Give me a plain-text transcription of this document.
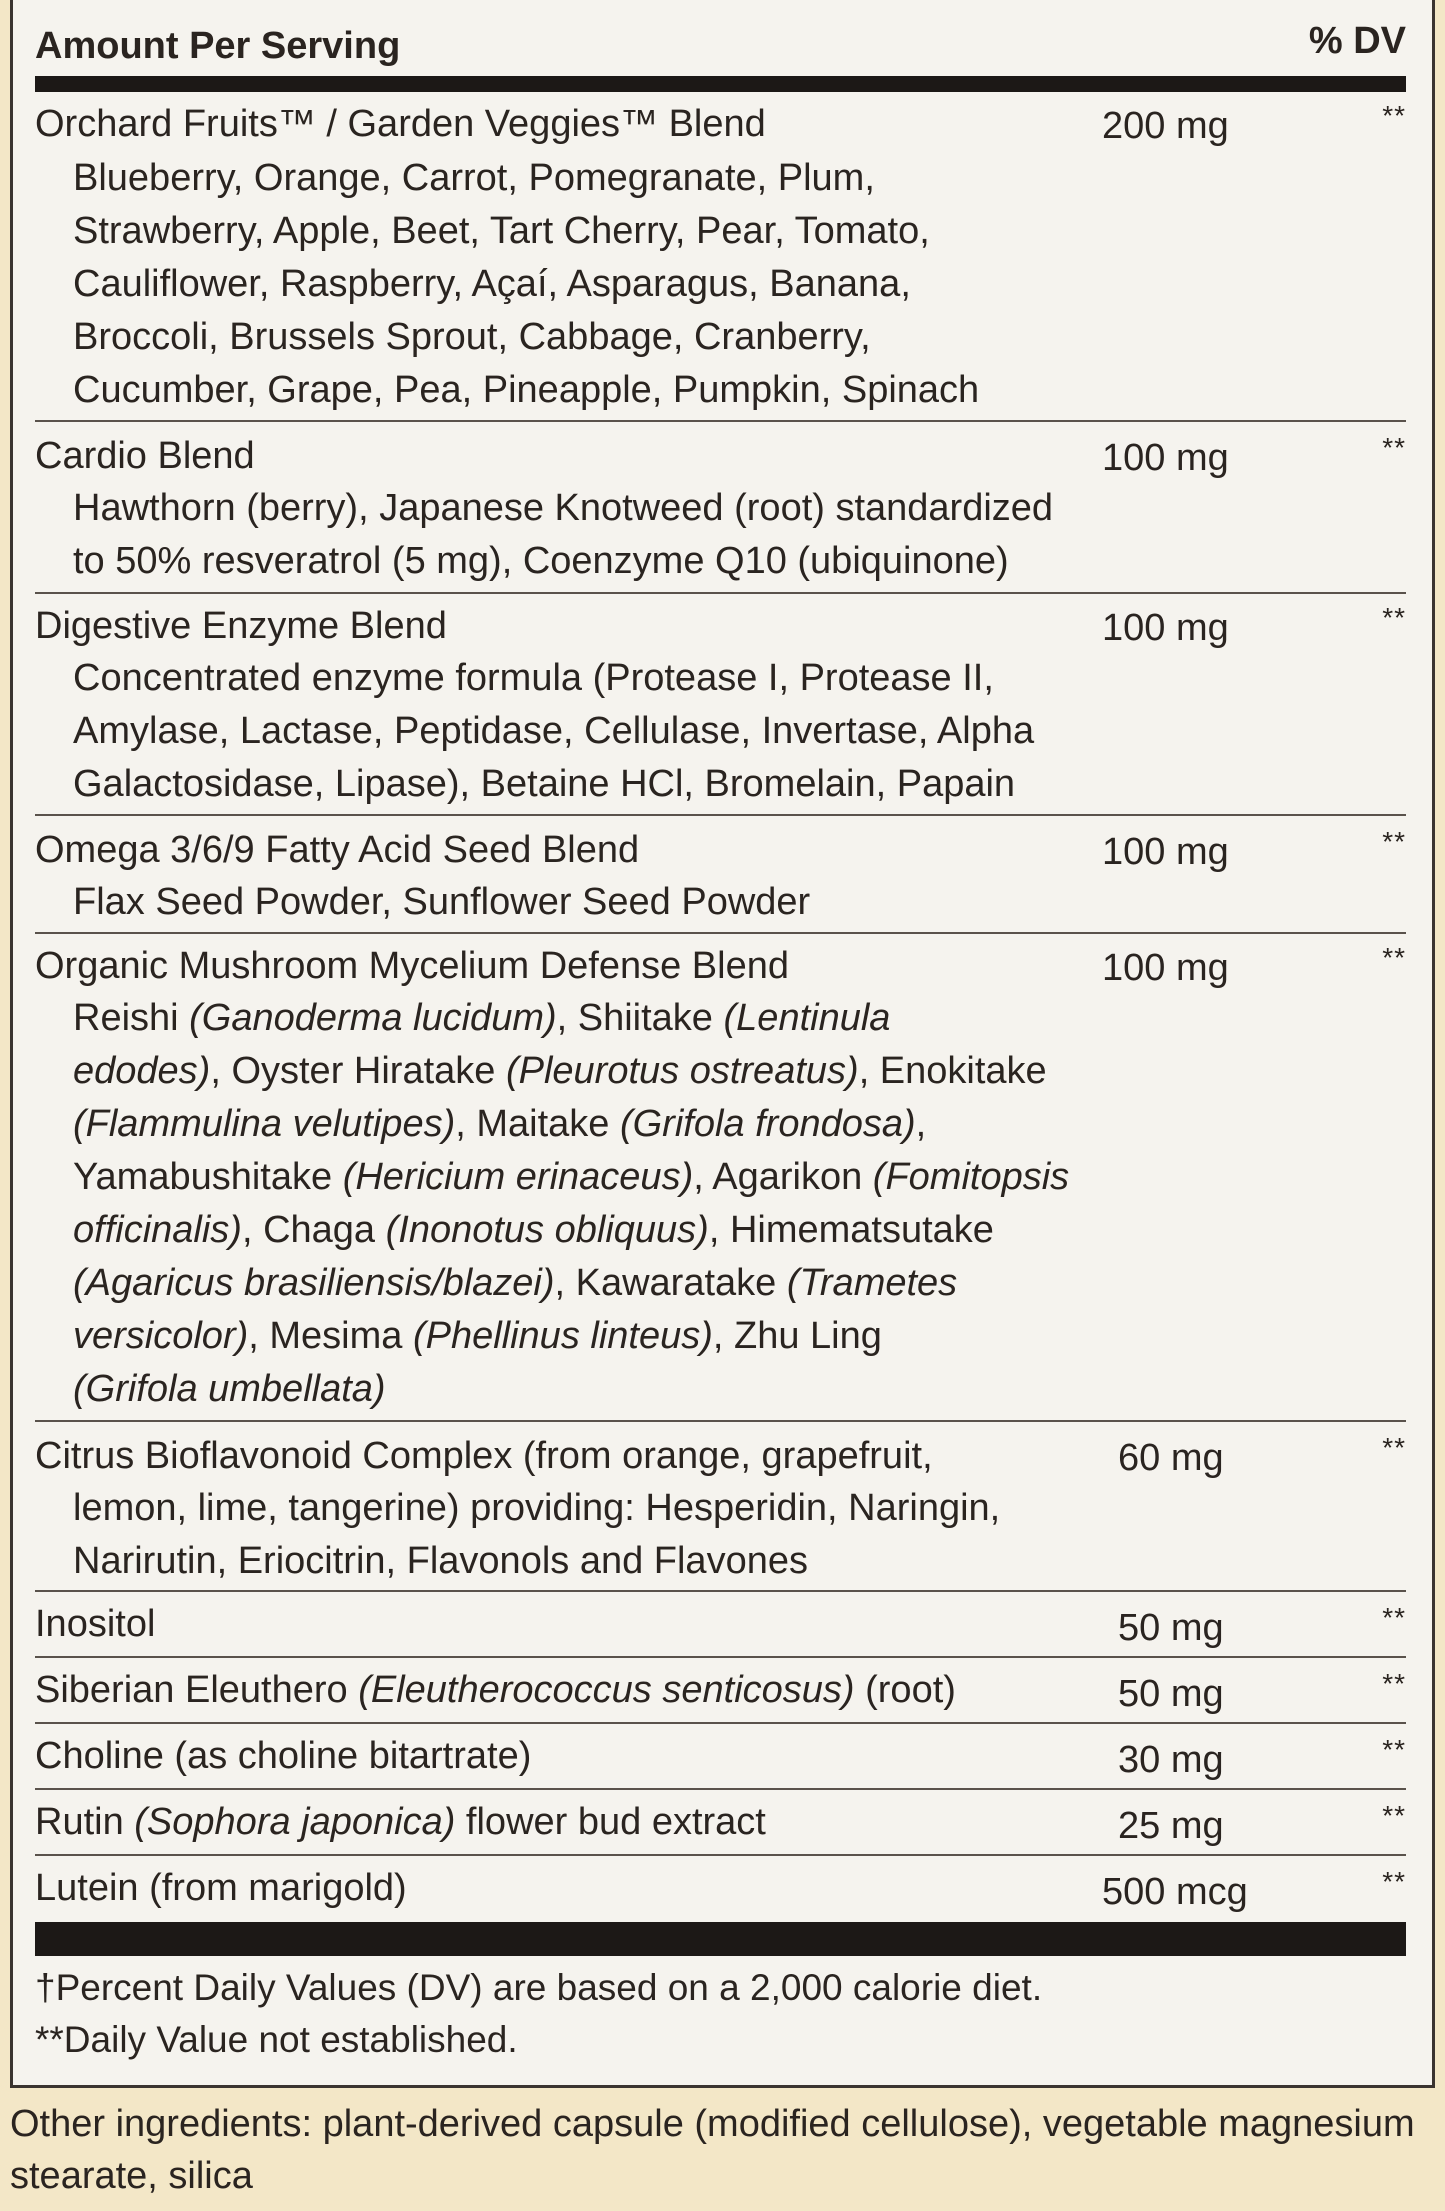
Amount Per Serving	% DV
Orchard Fruits™ / Garden Veggies™ Blend	200 mg	**
Blueberry, Orange, Carrot, Pomegranate, Plum,
Strawberry, Apple, Beet, Tart Cherry, Pear, Tomato,
Cauliflower, Raspberry, Açaí, Asparagus, Banana,
Broccoli, Brussels Sprout, Cabbage, Cranberry,
Cucumber, Grape, Pea, Pineapple, Pumpkin, Spinach
Cardio Blend	100 mg	**
Hawthorn (berry), Japanese Knotweed (root) standardized
to 50% resveratrol (5 mg), Coenzyme Q10 (ubiquinone)
Digestive Enzyme Blend	100 mg	**
Concentrated enzyme formula (Protease I, Protease II,
Amylase, Lactase, Peptidase, Cellulase, Invertase, Alpha
Galactosidase, Lipase), Betaine HCl, Bromelain, Papain
Omega 3/6/9 Fatty Acid Seed Blend	100 mg	**
Flax Seed Powder, Sunflower Seed Powder
Organic Mushroom Mycelium Defense Blend	100 mg	**
Reishi (Ganoderma lucidum), Shiitake (Lentinula
edodes), Oyster Hiratake (Pleurotus ostreatus), Enokitake
(Flammulina velutipes), Maitake (Grifola frondosa),
Yamabushitake (Hericium erinaceus), Agarikon (Fomitopsis
officinalis), Chaga (Inonotus obliquus), Himematsutake
(Agaricus brasiliensis/blazei), Kawaratake (Trametes
versicolor), Mesima (Phellinus linteus), Zhu Ling
(Grifola umbellata)
Citrus Bioflavonoid Complex (from orange, grapefruit,	60 mg	**
lemon, lime, tangerine) providing: Hesperidin, Naringin,
Narirutin, Eriocitrin, Flavonols and Flavones
Inositol	50 mg	**
Siberian Eleuthero (Eleutherococcus senticosus) (root)	50 mg	**
Choline (as choline bitartrate)	30 mg	**
Rutin (Sophora japonica) flower bud extract	25 mg	**
Lutein (from marigold)	500 mcg	**
†Percent Daily Values (DV) are based on a 2,000 calorie diet.
**Daily Value not established.
Other ingredients: plant-derived capsule (modified cellulose), vegetable magnesium
stearate, silica
